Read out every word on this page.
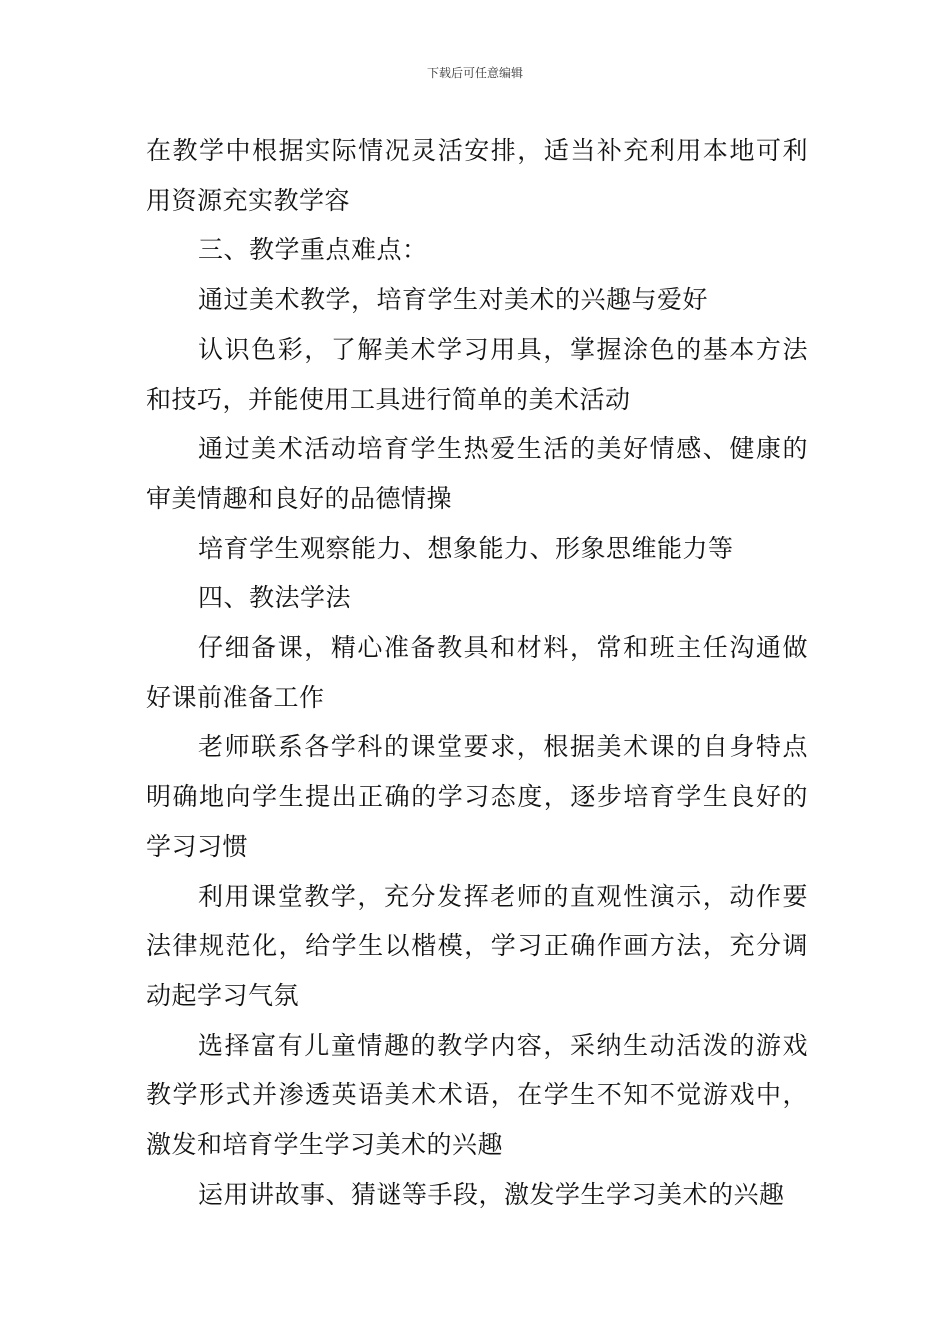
下载后可任意编辑

在教学中根据实际情况灵活安排，适当补充利用本地可利用资源充实教学容

三、教学重点难点：

通过美术教学，培育学生对美术的兴趣与爱好

认识色彩，了解美术学习用具，掌握涂色的基本方法和技巧，并能使用工具进行简单的美术活动

通过美术活动培育学生热爱生活的美好情感、健康的审美情趣和良好的品德情操

培育学生观察能力、想象能力、形象思维能力等

四、教法学法

仔细备课，精心准备教具和材料，常和班主任沟通做好课前准备工作

老师联系各学科的课堂要求，根据美术课的自身特点明确地向学生提出正确的学习态度，逐步培育学生良好的学习习惯

利用课堂教学，充分发挥老师的直观性演示，动作要法律规范化，给学生以楷模，学习正确作画方法，充分调动起学习气氛

选择富有儿童情趣的教学内容，采纳生动活泼的游戏教学形式并渗透英语美术术语，在学生不知不觉游戏中，激发和培育学生学习美术的兴趣

运用讲故事、猜谜等手段，激发学生学习美术的兴趣
